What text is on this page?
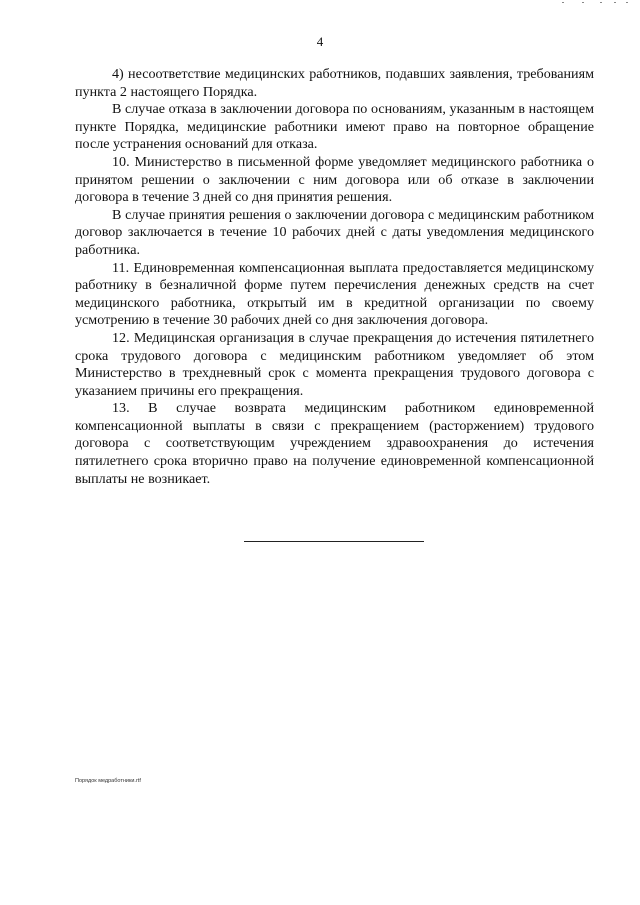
4

4) несоответствие медицинских работников, подавших заявления, требованиям пункта 2 настоящего Порядка.

В случае отказа в заключении договора по основаниям, указанным в настоящем пункте Порядка, медицинские работники имеют право на повторное обращение после устранения оснований для отказа.

10. Министерство в письменной форме уведомляет медицинского работника о принятом решении о заключении с ним договора или об отказе в заключении договора в течение 3 дней со дня принятия решения.

В случае принятия решения о заключении договора с медицинским работником договор заключается в течение 10 рабочих дней с даты уведомления медицинского работника.

11. Единовременная компенсационная выплата предоставляется медицинскому работнику в безналичной форме путем перечисления денежных средств на счет медицинского работника, открытый им в кредитной организации по своему усмотрению в течение 30 рабочих дней со дня заключения договора.

12. Медицинская организация в случае прекращения до истечения пятилетнего срока трудового договора с медицинским работником уведомляет об этом Министерство в трехдневный срок с момента прекращения трудового договора с указанием причины его прекращения.

13. В случае возврата медицинским работником единовременной компенсационной выплаты в связи с прекращением (расторжением) трудового договора с соответствующим учреждением здравоохранения до истечения пятилетнего срока вторично право на получение единовременной компенсационной выплаты не возникает.

Порядок медработники.rtf
